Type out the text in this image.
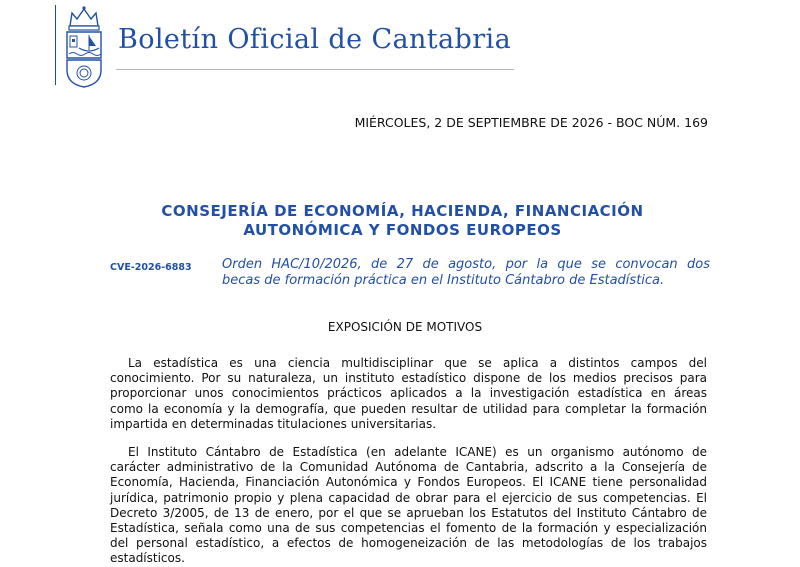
Boletín Oficial de Cantabria
MIÉRCOLES, 2 DE SEPTIEMBRE DE 2026 - BOC NÚM. 169
CONSEJERÍA DE ECONOMÍA, HACIENDA, FINANCIACIÓN
AUTONÓMICA Y FONDOS EUROPEOS
CVE-2026-6883 Orden HAC/10/2026, de 27 de agosto, por la que se convocan dos
becas de formación práctica en el Instituto Cántabro de Estadística.
EXPOSICIÓN DE MOTIVOS
La estadística es una ciencia multidisciplinar que se aplica a distintos campos del
conocimiento. Por su naturaleza, un instituto estadístico dispone de los medios precisos para
proporcionar unos conocimientos prácticos aplicados a la investigación estadística en áreas
como la economía y la demografía, que pueden resultar de utilidad para completar la formación
impartida en determinadas titulaciones universitarias.
El Instituto Cántabro de Estadística (en adelante ICANE) es un organismo autónomo de
carácter administrativo de la Comunidad Autónoma de Cantabria, adscrito a la Consejería de
Economía, Hacienda, Financiación Autonómica y Fondos Europeos. El ICANE tiene personalidad
jurídica, patrimonio propio y plena capacidad de obrar para el ejercicio de sus competencias. El
Decreto 3/2005, de 13 de enero, por el que se aprueban los Estatutos del Instituto Cántabro de
Estadística, señala como una de sus competencias el fomento de la formación y especialización
del personal estadístico, a efectos de homogeneización de las metodologías de los trabajos
estadísticos.
